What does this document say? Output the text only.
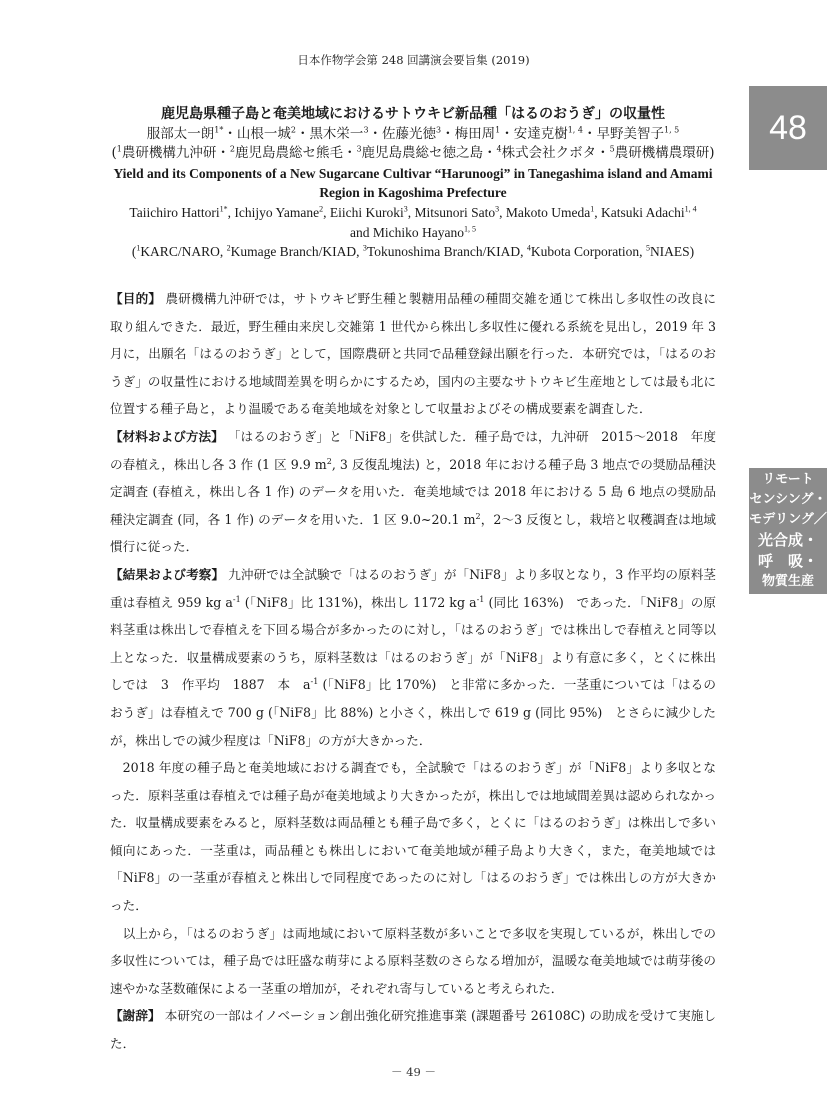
日本作物学会第 248 回講演会要旨集 (2019)
48
リモート
センシング・
モデリング／
光合成・
呼　吸・
物質生産
鹿児島県種子島と奄美地域におけるサトウキビ新品種「はるのおうぎ」の収量性
服部太一朗$^{1*}$・山根一城$^2$・黒木栄一$^3$・佐藤光徳$^3$・梅田周$^1$・安達克樹$^{1, 4}$・早野美智子$^{1, 5}$
($^1$農研機構九沖研・$^2$鹿児島農総セ熊毛・$^3$鹿児島農総セ徳之島・$^4$株式会社クボタ・$^5$農研機構農環研)
Yield and its Components of a New Sugarcane Cultivar “Harunoogi” in Tanegashima island and Amami
Region in Kagoshima Prefecture
Taiichiro Hattori$^{1*}$, Ichijyo Yamane$^2$, Eiichi Kuroki$^3$, Mitsunori Sato$^3$, Makoto Umeda$^1$, Katsuki Adachi$^{1, 4}$
and Michiko Hayano$^{1, 5}$
($^1$KARC/NARO, $^2$Kumage Branch/KIAD, $^3$Tokunoshima Branch/KIAD, $^4$Kubota Corporation, $^5$NIAES)

【目的】 農研機構九沖研では，サトウキビ野生種と製糖用品種の種間交雑を通じて株出し多収性の改良に取り組んできた．最近，野生種由来戻し交雑第 1 世代から株出し多収性に優れる系統を見出し，2019 年 3 月に，出願名「はるのおうぎ」として，国際農研と共同で品種登録出願を行った．本研究では，「はるのおうぎ」の収量性における地域間差異を明らかにするため，国内の主要なサトウキビ生産地としては最も北に位置する種子島と，より温暖である奄美地域を対象として収量およびその構成要素を調査した．

【材料および方法】 「はるのおうぎ」と「NiF8」を供試した．種子島では，九沖研　2015～2018　年度の春植え，株出し各 3 作 (1 区 9.9 $m^2$, 3 反復乱塊法) と，2018 年における種子島 3 地点での奨励品種決定調査 (春植え，株出し各 1 作) のデータを用いた．奄美地域では 2018 年における 5 島 6 地点の奨励品種決定調査 (同，各 1 作) のデータを用いた．1 区 9.0~20.1 $m^2$，2～3 反復とし，栽培と収穫調査は地域慣行に従った．

【結果および考察】 九沖研では全試験で「はるのおうぎ」が「NiF8」より多収となり，3 作平均の原料茎重は春植え 959 kg $a^{-1}$ (「NiF8」比 131%)，株出し 1172 kg $a^{-1}$ (同比 163%)　であった．「NiF8」の原料茎重は株出しで春植えを下回る場合が多かったのに対し，「はるのおうぎ」では株出しで春植えと同等以上となった．収量構成要素のうち，原料茎数は「はるのおうぎ」が「NiF8」より有意に多く，とくに株出しでは　3　作平均　1887　本　$a^{-1}$ (「NiF8」比 170%)　と非常に多かった．一茎重については「はるのおうぎ」は春植えで 700 g (「NiF8」比 88%) と小さく，株出しで 619 g (同比 95%)　とさらに減少したが，株出しでの減少程度は「NiF8」の方が大きかった．

2018 年度の種子島と奄美地域における調査でも，全試験で「はるのおうぎ」が「NiF8」より多収となった．原料茎重は春植えでは種子島が奄美地域より大きかったが，株出しでは地域間差異は認められなかった．収量構成要素をみると，原料茎数は両品種とも種子島で多く，とくに「はるのおうぎ」は株出しで多い傾向にあった．一茎重は，両品種とも株出しにおいて奄美地域が種子島より大きく，また，奄美地域では「NiF8」の一茎重が春植えと株出しで同程度であったのに対し「はるのおうぎ」では株出しの方が大きかった．

以上から，「はるのおうぎ」は両地域において原料茎数が多いことで多収を実現しているが，株出しでの多収性については，種子島では旺盛な萌芽による原料茎数のさらなる増加が，温暖な奄美地域では萌芽後の速やかな茎数確保による一茎重の増加が，それぞれ寄与していると考えられた．

【謝辞】 本研究の一部はイノベーション創出強化研究推進事業 (課題番号 26108C) の助成を受けて実施した．

－ 49 －
